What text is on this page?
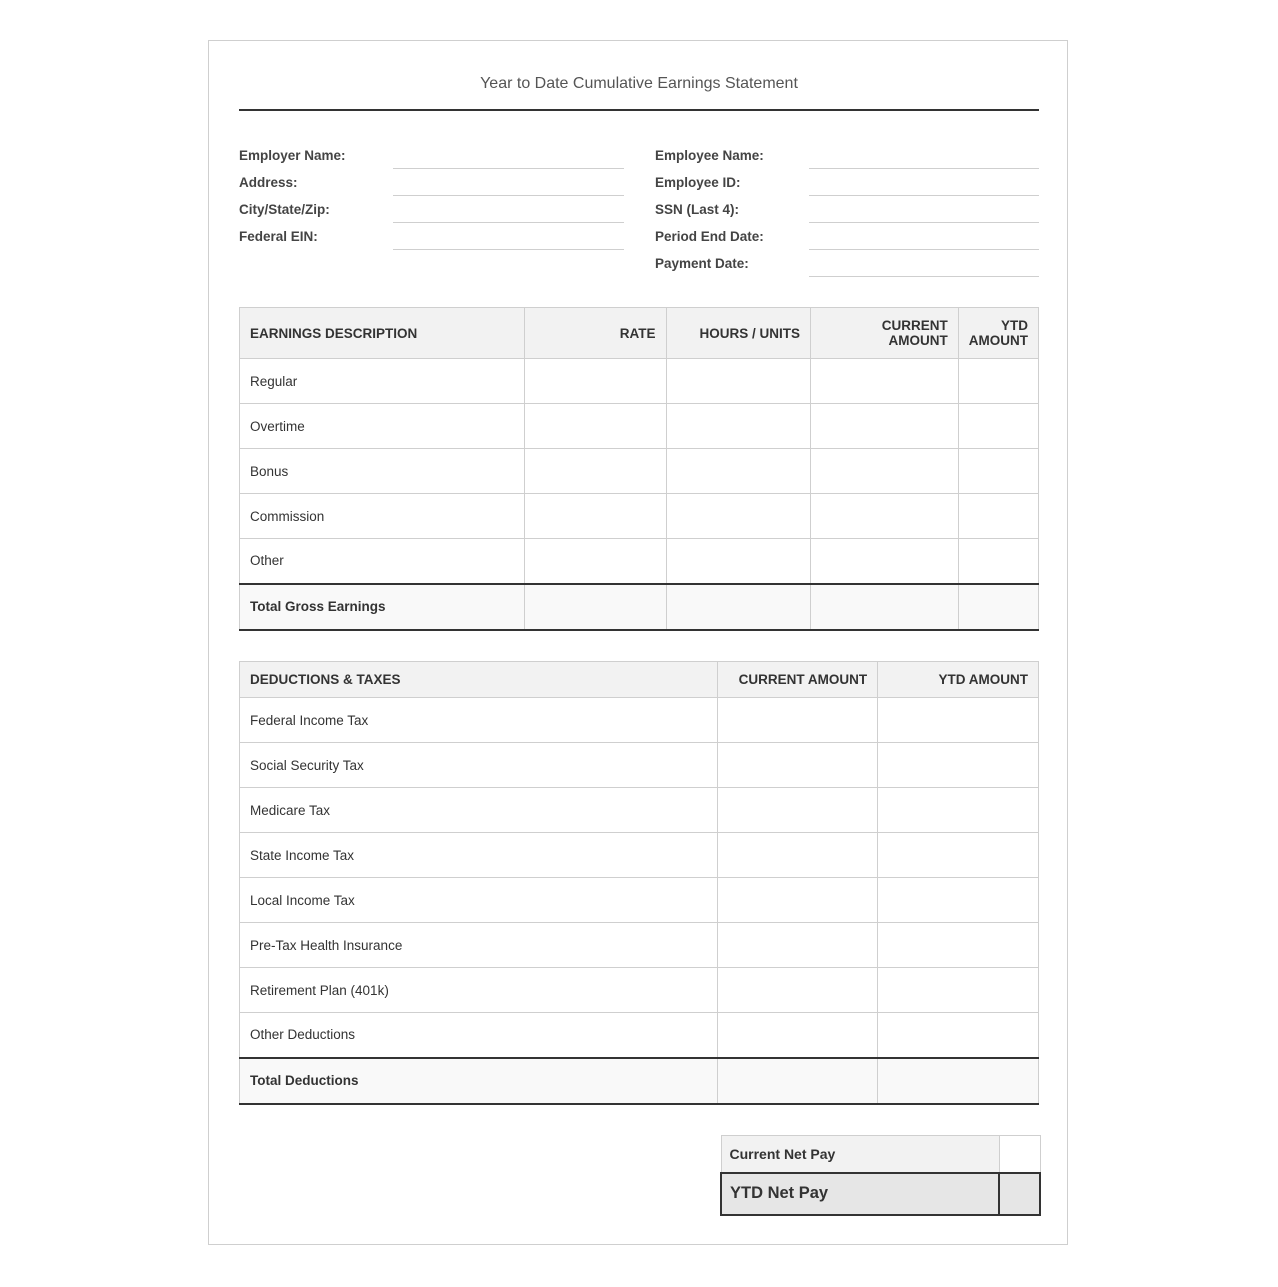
Year to Date Cumulative Earnings Statement
Employer Name:
Address:
City/State/Zip:
Federal EIN:
Employee Name:
Employee ID:
SSN (Last 4):
Period End Date:
Payment Date:
EARNINGS DESCRIPTION	RATE	HOURS / UNITS	CURRENT AMOUNT	YTD AMOUNT
Regular				
Overtime				
Bonus				
Commission				
Other				
Total Gross Earnings				
DEDUCTIONS & TAXES	CURRENT AMOUNT	YTD AMOUNT
Federal Income Tax		
Social Security Tax		
Medicare Tax		
State Income Tax		
Local Income Tax		
Pre-Tax Health Insurance		
Retirement Plan (401k)		
Other Deductions		
Total Deductions		
Current Net Pay	
YTD Net Pay	
